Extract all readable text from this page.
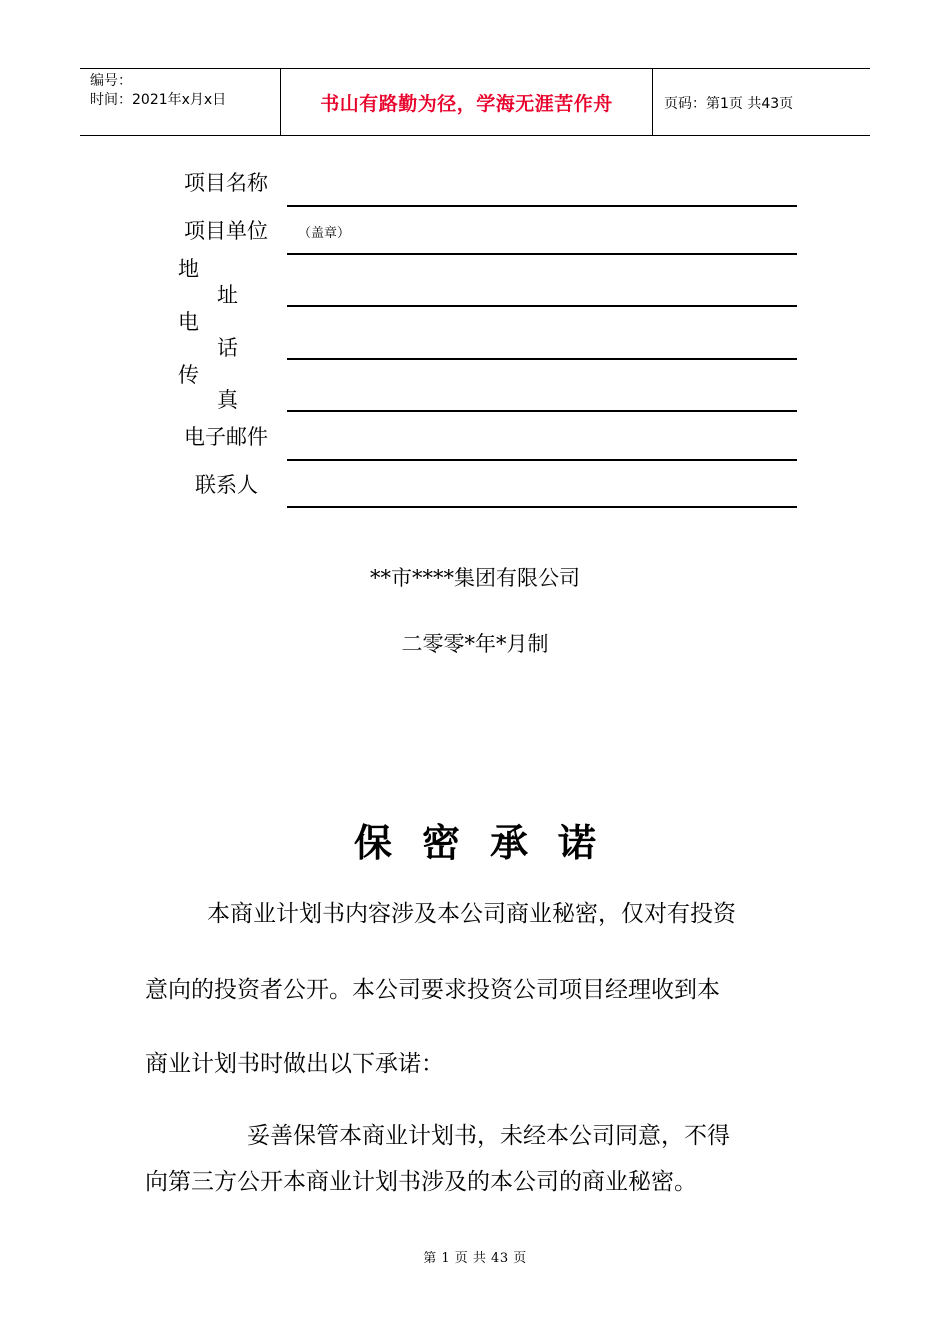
编号：
时间：2021年x月x日	书山有路勤为径，学海无涯苦作舟	页码：第1页 共43页
项目名称
项目单位 （盖章）
地
址
电
话
传
真
电子邮件
联系人
**市****集团有限公司
二零零*年*月制
保密承诺
本商业计划书内容涉及本公司商业秘密，仅对有投资
意向的投资者公开。本公司要求投资公司项目经理收到本
商业计划书时做出以下承诺：
妥善保管本商业计划书，未经本公司同意，不得
向第三方公开本商业计划书涉及的本公司的商业秘密。
第 1 页 共 43 页
